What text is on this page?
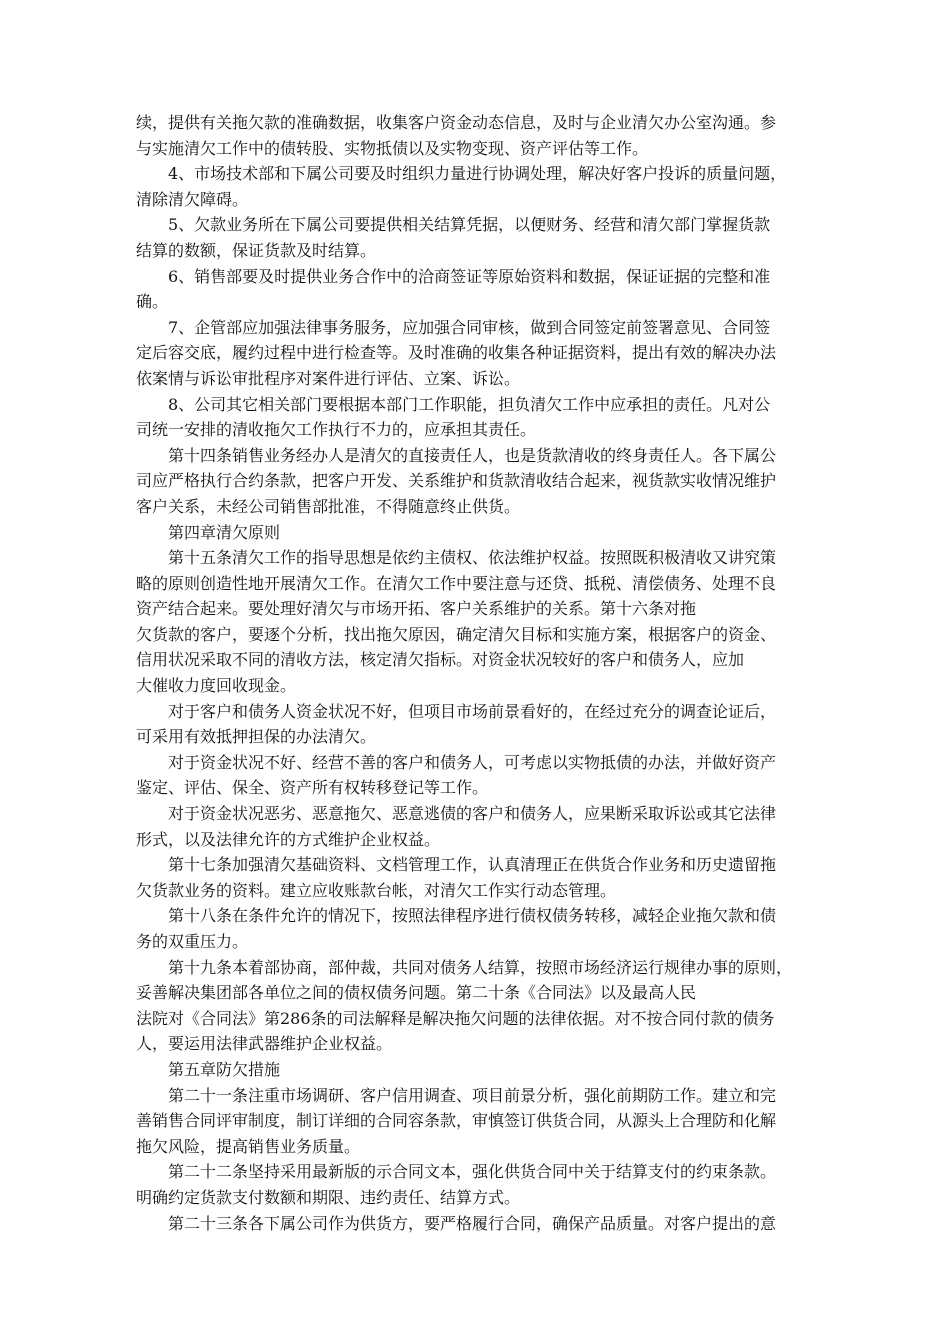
续，提供有关拖欠款的准确数据，收集客户资金动态信息，及时与企业清欠办公室沟通。参
与实施清欠工作中的债转股、实物抵债以及实物变现、资产评估等工作。
4、市场技术部和下属公司要及时组织力量进行协调处理，解决好客户投诉的质量问题，
清除清欠障碍。
5、欠款业务所在下属公司要提供相关结算凭据，以便财务、经营和清欠部门掌握货款
结算的数额，保证货款及时结算。
6、销售部要及时提供业务合作中的洽商签证等原始资料和数据，保证证据的完整和准
确。
7、企管部应加强法律事务服务，应加强合同审核，做到合同签定前签署意见、合同签
定后容交底，履约过程中进行检查等。及时准确的收集各种证据资料，提出有效的解决办法
依案情与诉讼审批程序对案件进行评估、立案、诉讼。
8、公司其它相关部门要根据本部门工作职能，担负清欠工作中应承担的责任。凡对公
司统一安排的清收拖欠工作执行不力的，应承担其责任。
第十四条销售业务经办人是清欠的直接责任人，也是货款清收的终身责任人。各下属公
司应严格执行合约条款，把客户开发、关系维护和货款清收结合起来，视货款实收情况维护
客户关系，未经公司销售部批准，不得随意终止供货。
第四章清欠原则
第十五条清欠工作的指导思想是依约主债权、依法维护权益。按照既积极清收又讲究策
略的原则创造性地开展清欠工作。在清欠工作中要注意与还贷、抵税、清偿债务、处理不良
资产结合起来。要处理好清欠与市场开拓、客户关系维护的关系。第十六条对拖
欠货款的客户，要逐个分析，找出拖欠原因，确定清欠目标和实施方案，根据客户的资金、
信用状况采取不同的清收方法，核定清欠指标。对资金状况较好的客户和债务人，应加
大催收力度回收现金。
对于客户和债务人资金状况不好，但项目市场前景看好的，在经过充分的调查论证后，
可采用有效抵押担保的办法清欠。
对于资金状况不好、经营不善的客户和债务人，可考虑以实物抵债的办法，并做好资产
鉴定、评估、保全、资产所有权转移登记等工作。
对于资金状况恶劣、恶意拖欠、恶意逃债的客户和债务人，应果断采取诉讼或其它法律
形式，以及法律允许的方式维护企业权益。
第十七条加强清欠基础资料、文档管理工作，认真清理正在供货合作业务和历史遗留拖
欠货款业务的资料。建立应收账款台帐，对清欠工作实行动态管理。
第十八条在条件允许的情况下，按照法律程序进行债权债务转移，减轻企业拖欠款和债
务的双重压力。
第十九条本着部协商，部仲裁，共同对债务人结算，按照市场经济运行规律办事的原则，
妥善解决集团部各单位之间的债权债务问题。第二十条《合同法》以及最高人民
法院对《合同法》第286条的司法解释是解决拖欠问题的法律依据。对不按合同付款的债务
人，要运用法律武器维护企业权益。
第五章防欠措施
第二十一条注重市场调研、客户信用调查、项目前景分析，强化前期防工作。建立和完
善销售合同评审制度，制订详细的合同容条款，审慎签订供货合同，从源头上合理防和化解
拖欠风险，提高销售业务质量。
第二十二条坚持采用最新版的示合同文本，强化供货合同中关于结算支付的约束条款。
明确约定货款支付数额和期限、违约责任、结算方式。
第二十三条各下属公司作为供货方，要严格履行合同，确保产品质量。对客户提出的意
